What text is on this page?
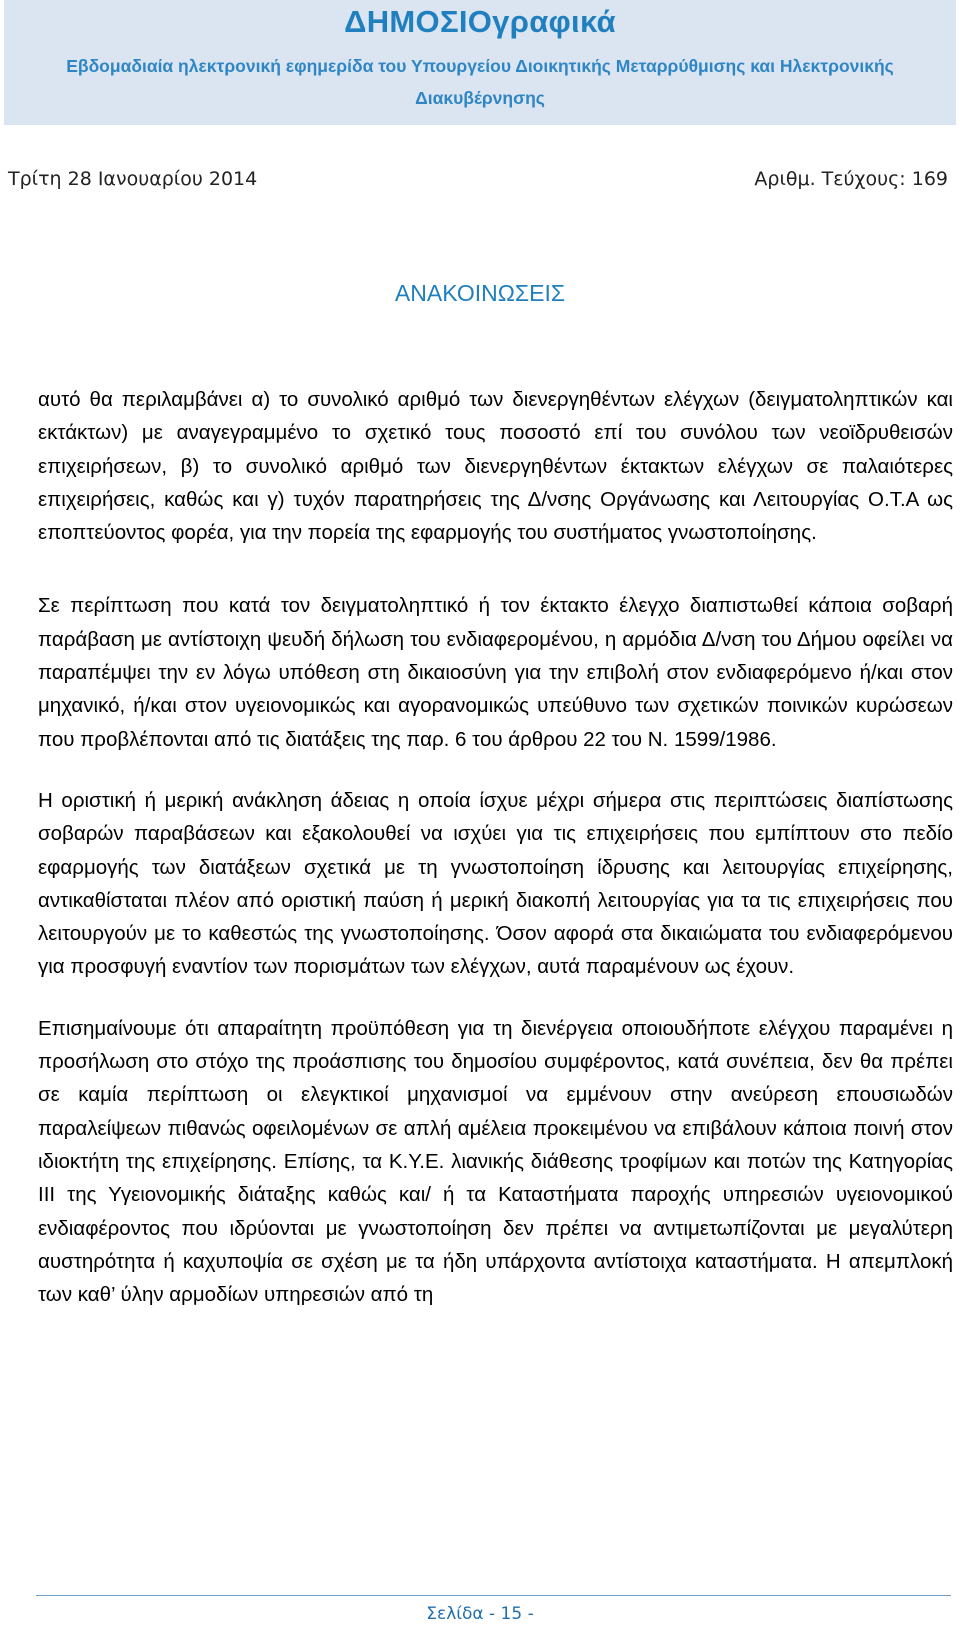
ΔΗΜΟΣΙΟγραφικά

Εβδομαδιαία ηλεκτρονική εφημερίδα του Υπουργείου Διοικητικής Μεταρρύθμισης και Ηλεκτρονικής Διακυβέρνησης

Τρίτη 28 Ιανουαρίου 2014	Αριθμ. Τεύχους: 169
ΑΝΑΚΟΙΝΩΣΕΙΣ

αυτό θα περιλαμβάνει α) το συνολικό αριθμό των διενεργηθέντων ελέγχων (δειγματοληπτικών και εκτάκτων) με αναγεγραμμένο το σχετικό τους ποσοστό επί του συνόλου των νεοϊδρυθεισών επιχειρήσεων, β) το συνολικό αριθμό των διενεργηθέντων έκτακτων ελέγχων σε παλαιότερες επιχειρήσεις, καθώς και γ) τυχόν παρατηρήσεις της Δ/νσης Οργάνωσης και Λειτουργίας Ο.Τ.Α ως εποπτεύοντος φορέα, για την πορεία της εφαρμογής του συστήματος γνωστοποίησης.

Σε περίπτωση που κατά τον δειγματοληπτικό ή τον έκτακτο έλεγχο διαπιστωθεί κάποια σοβαρή παράβαση με αντίστοιχη ψευδή δήλωση του ενδιαφερομένου, η αρμόδια Δ/νση του Δήμου οφείλει να παραπέμψει την εν λόγω υπόθεση στη δικαιοσύνη για την επιβολή στον ενδιαφερόμενο ή/και στον μηχανικό, ή/και στον υγειονομικώς και αγορανομικώς υπεύθυνο των σχετικών ποινικών κυρώσεων που προβλέπονται από τις διατάξεις της παρ. 6 του άρθρου 22 του Ν. 1599/1986.

Η οριστική ή μερική ανάκληση άδειας η οποία ίσχυε μέχρι σήμερα στις περιπτώσεις διαπίστωσης σοβαρών παραβάσεων και εξακολουθεί να ισχύει για τις επιχειρήσεις που εμπίπτουν στο πεδίο εφαρμογής των διατάξεων σχετικά με τη γνωστοποίηση ίδρυσης και λειτουργίας επιχείρησης, αντικαθίσταται πλέον από οριστική παύση ή μερική διακοπή λειτουργίας για τα τις επιχειρήσεις που λειτουργούν με το καθεστώς της γνωστοποίησης. Όσον αφορά στα δικαιώματα του ενδιαφερόμενου για προσφυγή εναντίον των πορισμάτων των ελέγχων, αυτά παραμένουν ως έχουν.

Επισημαίνουμε ότι απαραίτητη προϋπόθεση για τη διενέργεια οποιουδήποτε ελέγχου παραμένει η προσήλωση στο στόχο της προάσπισης του δημοσίου συμφέροντος, κατά συνέπεια, δεν θα πρέπει σε καμία περίπτωση οι ελεγκτικοί μηχανισμοί να εμμένουν στην ανεύρεση επουσιωδών παραλείψεων πιθανώς οφειλομένων σε απλή αμέλεια προκειμένου να επιβάλουν κάποια ποινή στον ιδιοκτήτη της επιχείρησης. Επίσης, τα Κ.Υ.Ε. λιανικής διάθεσης τροφίμων και ποτών της Κατηγορίας ΙΙΙ της Υγειονομικής διάταξης καθώς και/ ή τα Καταστήματα παροχής υπηρεσιών υγειονομικού ενδιαφέροντος που ιδρύονται με γνωστοποίηση δεν πρέπει να αντιμετωπίζονται με μεγαλύτερη αυστηρότητα ή καχυποψία σε σχέση με τα ήδη υπάρχοντα αντίστοιχα καταστήματα. Η απεμπλοκή των καθ’ ύλην αρμοδίων υπηρεσιών από τη

Σελίδα - 15 -
